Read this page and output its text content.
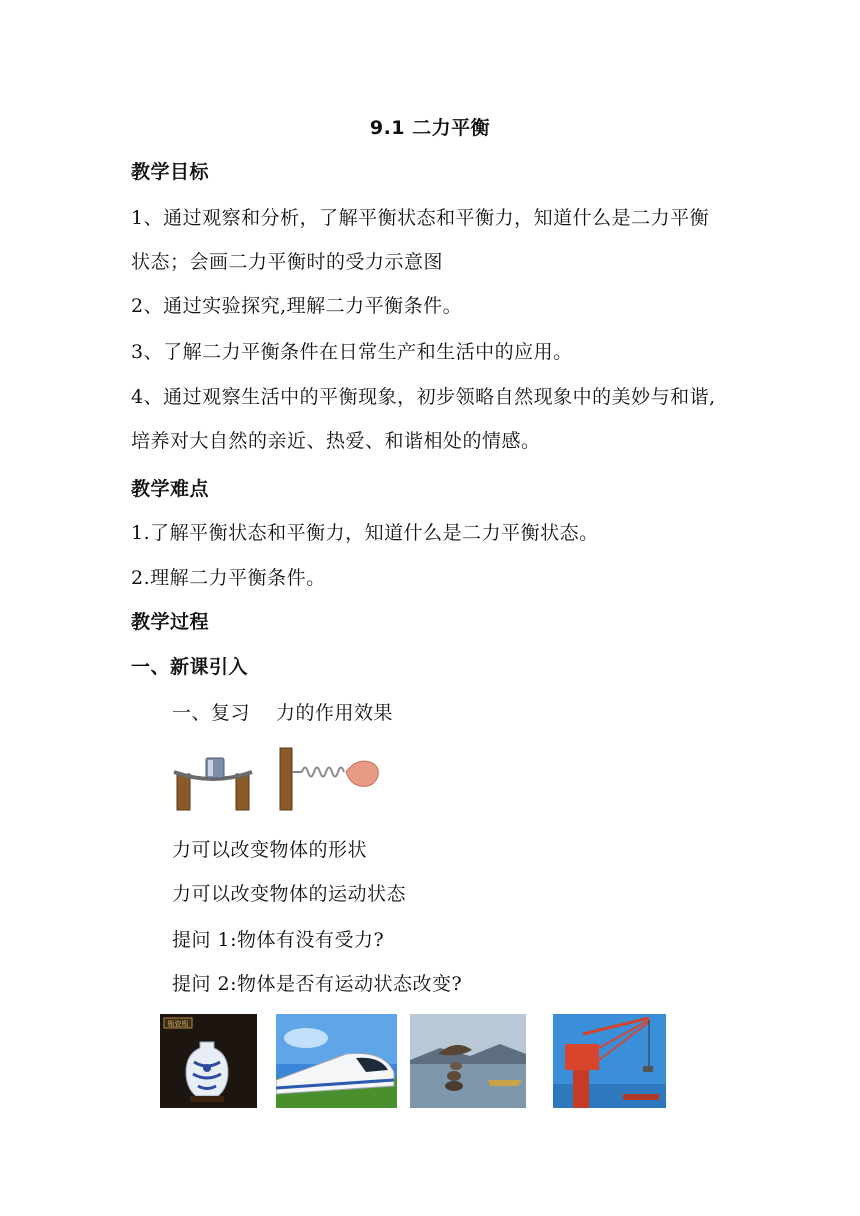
9.1 二力平衡
教学目标
1、通过观察和分析，了解平衡状态和平衡力，知道什么是二力平衡
状态；会画二力平衡时的受力示意图
2、通过实验探究,理解二力平衡条件。
3、了解二力平衡条件在日常生产和生活中的应用。
4、通过观察生活中的平衡现象，初步领略自然现象中的美妙与和谐,
培养对大自然的亲近、热爱、和谐相处的情感。
教学难点
1.了解平衡状态和平衡力，知道什么是二力平衡状态。
2.理解二力平衡条件。
教学过程
一、新课引入
一、复习　 力的作用效果
力可以改变物体的形状
力可以改变物体的运动状态
提问 1:物体有没有受力?
提问 2:物体是否有运动状态改变?
瓶瓷瓶
